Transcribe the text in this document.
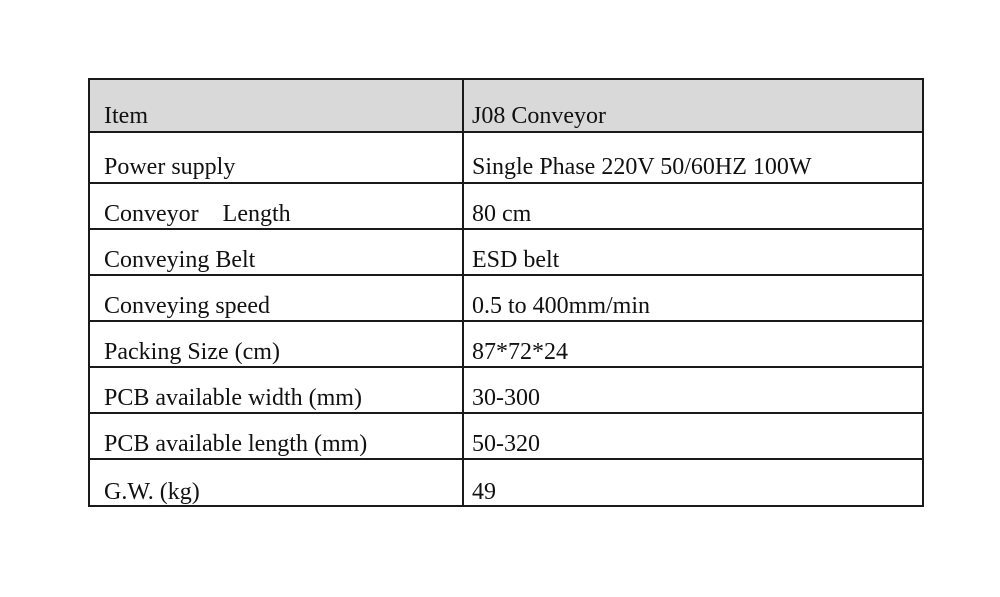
Item	J08 Conveyor
Power supply	Single Phase 220V 50/60HZ 100W
Conveyor    Length	80 cm
Conveying Belt	ESD belt
Conveying speed	0.5 to 400mm/min
Packing Size (cm)	87*72*24
PCB available width (mm)	30-300
PCB available length (mm)	50-320
G.W. (kg)	49
